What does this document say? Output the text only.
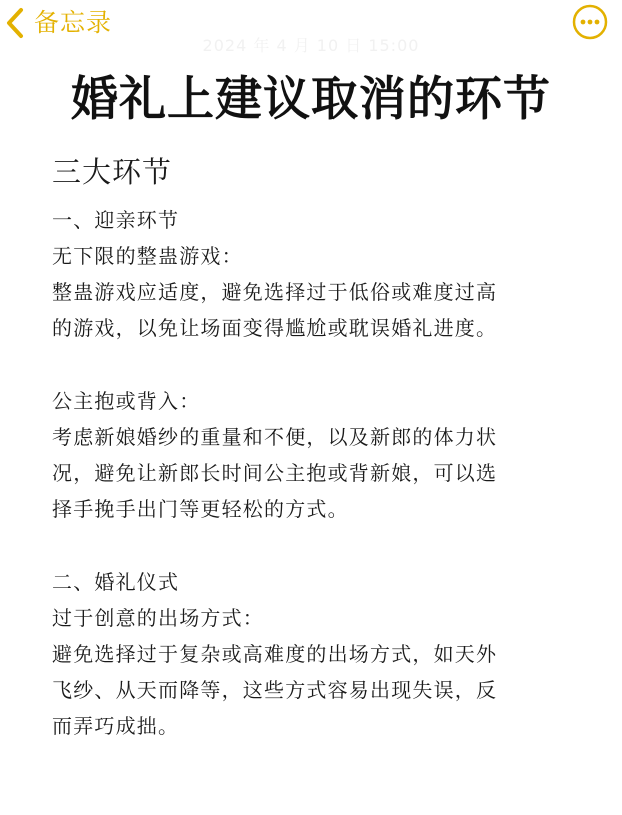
备忘录
2024 年 4 月 10 日 15:00
婚礼上建议取消的环节
三大环节
一、迎亲环节
无下限的整蛊游戏：
整蛊游戏应适度，避免选择过于低俗或难度过高
的游戏，以免让场面变得尴尬或耽误婚礼进度。
公主抱或背入：
考虑新娘婚纱的重量和不便，以及新郎的体力状
况，避免让新郎长时间公主抱或背新娘，可以选
择手挽手出门等更轻松的方式。
二、婚礼仪式
过于创意的出场方式：
避免选择过于复杂或高难度的出场方式，如天外
飞纱、从天而降等，这些方式容易出现失误，反
而弄巧成拙。
